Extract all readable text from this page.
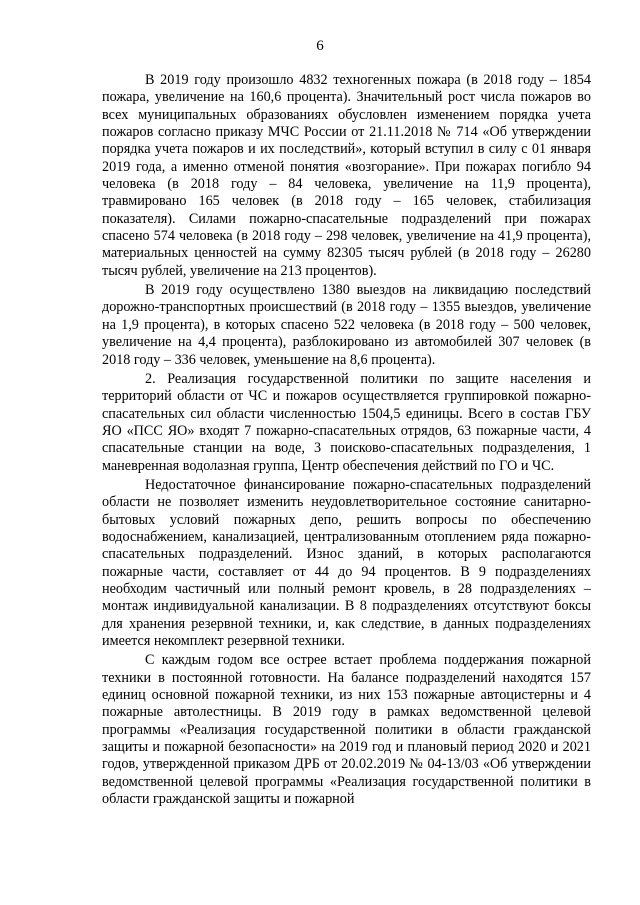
6

В 2019 году произошло 4832 техногенных пожара (в 2018 году – 1854 пожара, увеличение на 160,6 процента). Значительный рост числа пожаров во всех муниципальных образованиях обусловлен изменением порядка учета пожаров согласно приказу МЧС России от 21.11.2018 № 714 «Об утверждении порядка учета пожаров и их последствий», который вступил в силу с 01 января 2019 года, а именно отменой понятия «возгорание». При пожарах погибло 94 человека (в 2018 году – 84 человека, увеличение на 11,9 процента), травмировано 165 человек (в 2018 году – 165 человек, стабилизация показателя). Силами пожарно-спасательные подразделений при пожарах спасено 574 человека (в 2018 году – 298 человек, увеличение на 41,9 процента), материальных ценностей на сумму 82305 тысяч рублей (в 2018 году – 26280 тысяч рублей, увеличение на 213 процентов).

В 2019 году осуществлено 1380 выездов на ликвидацию последствий дорожно-транспортных происшествий (в 2018 году – 1355 выездов, увеличение на 1,9 процента), в которых спасено 522 человека (в 2018 году – 500 человек, увеличение на 4,4 процента), разблокировано из автомобилей 307 человек (в 2018 году – 336 человек, уменьшение на 8,6 процента).

2. Реализация государственной политики по защите населения и территорий области от ЧС и пожаров осуществляется группировкой пожарно-спасательных сил области численностью 1504,5 единицы. Всего в состав ГБУ ЯО «ПСС ЯО» входят 7 пожарно-спасательных отрядов, 63 пожарные части, 4 спасательные станции на воде, 3 поисково-спасательных подразделения, 1 маневренная водолазная группа, Центр обеспечения действий по ГО и ЧС.

Недостаточное финансирование пожарно-спасательных подразделений области не позволяет изменить неудовлетворительное состояние санитарно-бытовых условий пожарных депо, решить вопросы по обеспечению водоснабжением, канализацией, централизованным отоплением ряда пожарно-спасательных подразделений. Износ зданий, в которых располагаются пожарные части, составляет от 44 до 94 процентов. В 9 подразделениях необходим частичный или полный ремонт кровель, в 28 подразделениях – монтаж индивидуальной канализации. В 8 подразделениях отсутствуют боксы для хранения резервной техники, и, как следствие, в данных подразделениях имеется некомплект резервной техники.

С каждым годом все острее встает проблема поддержания пожарной техники в постоянной готовности. На балансе подразделений находятся 157 единиц основной пожарной техники, из них 153 пожарные автоцистерны и 4 пожарные автолестницы. В 2019 году в рамках ведомственной целевой программы «Реализация государственной политики в области гражданской защиты и пожарной безопасности» на 2019 год и плановый период 2020 и 2021 годов, утвержденной приказом ДРБ от 20.02.2019 № 04-13/03 «Об утверждении ведомственной целевой программы «Реализация государственной политики в области гражданской защиты и пожарной
